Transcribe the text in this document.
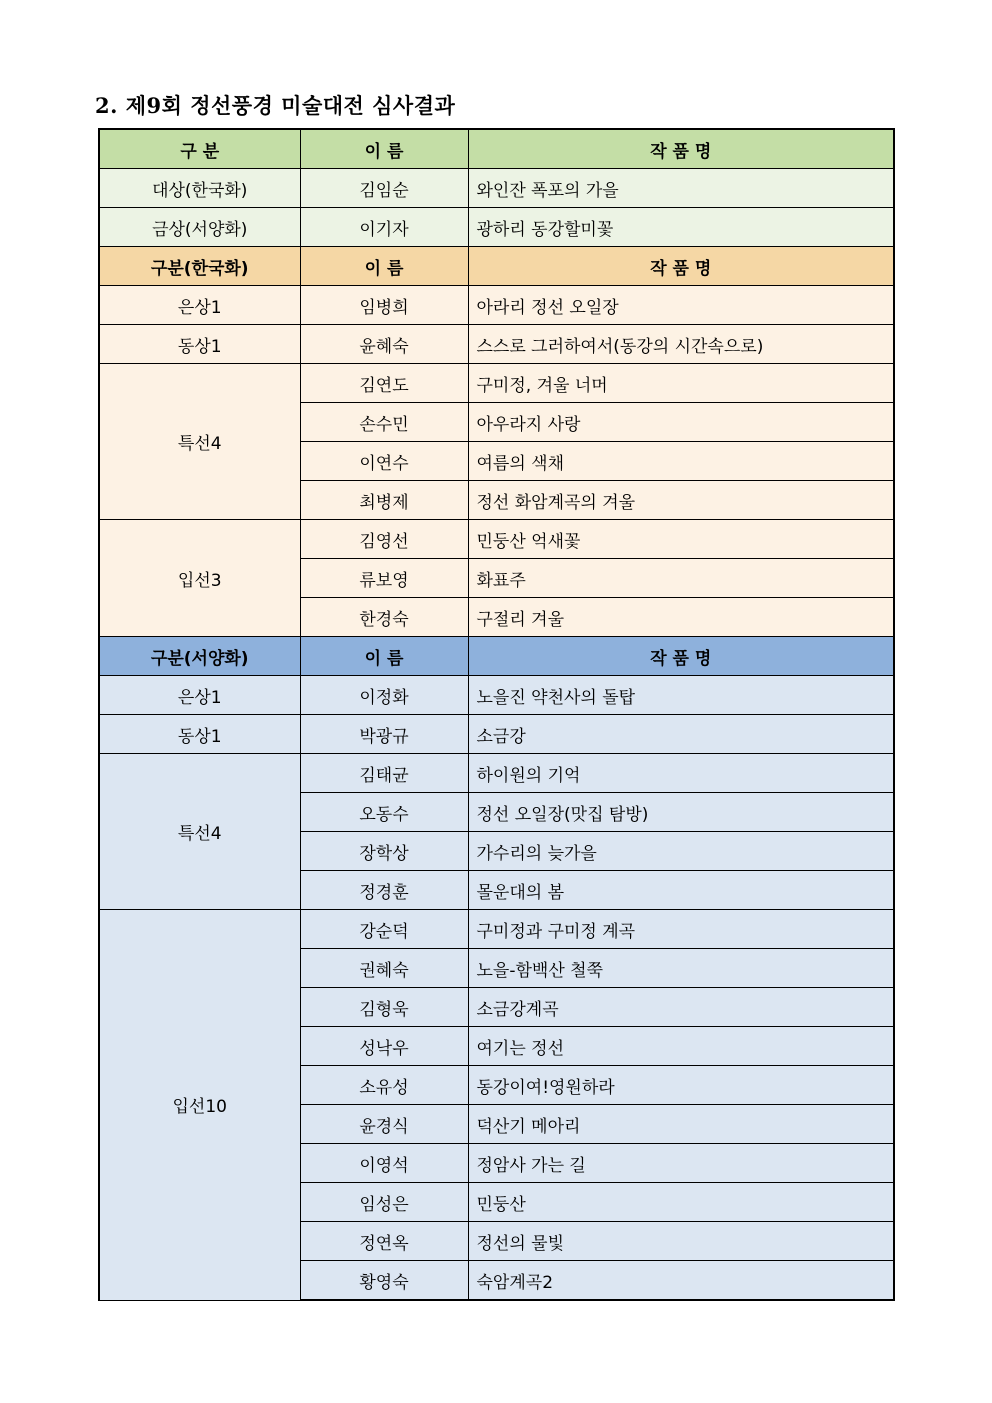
2. 제9회 정선풍경 미술대전 심사결과
구 분	이 름	작 품 명
대상(한국화)	김임순	와인잔 폭포의 가을
금상(서양화)	이기자	광하리 동강할미꽃
구분(한국화)	이 름	작 품 명
은상1	임병희	아라리 정선 오일장
동상1	윤혜숙	스스로 그러하여서(동강의 시간속으로)
특선4	김연도	구미정, 겨울 너머
	손수민	아우라지 사랑
	이연수	여름의 색채
	최병제	정선 화암계곡의 겨울
입선3	김영선	민둥산 억새꽃
	류보영	화표주
	한경숙	구절리 겨울
구분(서양화)	이 름	작 품 명
은상1	이정화	노을진 약천사의 돌탑
동상1	박광규	소금강
특선4	김태균	하이원의 기억
	오동수	정선 오일장(맛집 탐방)
	장학상	가수리의 늦가을
	정경훈	몰운대의 봄
입선10	강순덕	구미정과 구미정 계곡
	권혜숙	노을-함백산 철쭉
	김형욱	소금강계곡
	성낙우	여기는 정선
	소유성	동강이여!영원하라
	윤경식	덕산기 메아리
	이영석	정암사 가는 길
	임성은	민둥산
	정연옥	정선의 물빛
	황영숙	숙암계곡2
